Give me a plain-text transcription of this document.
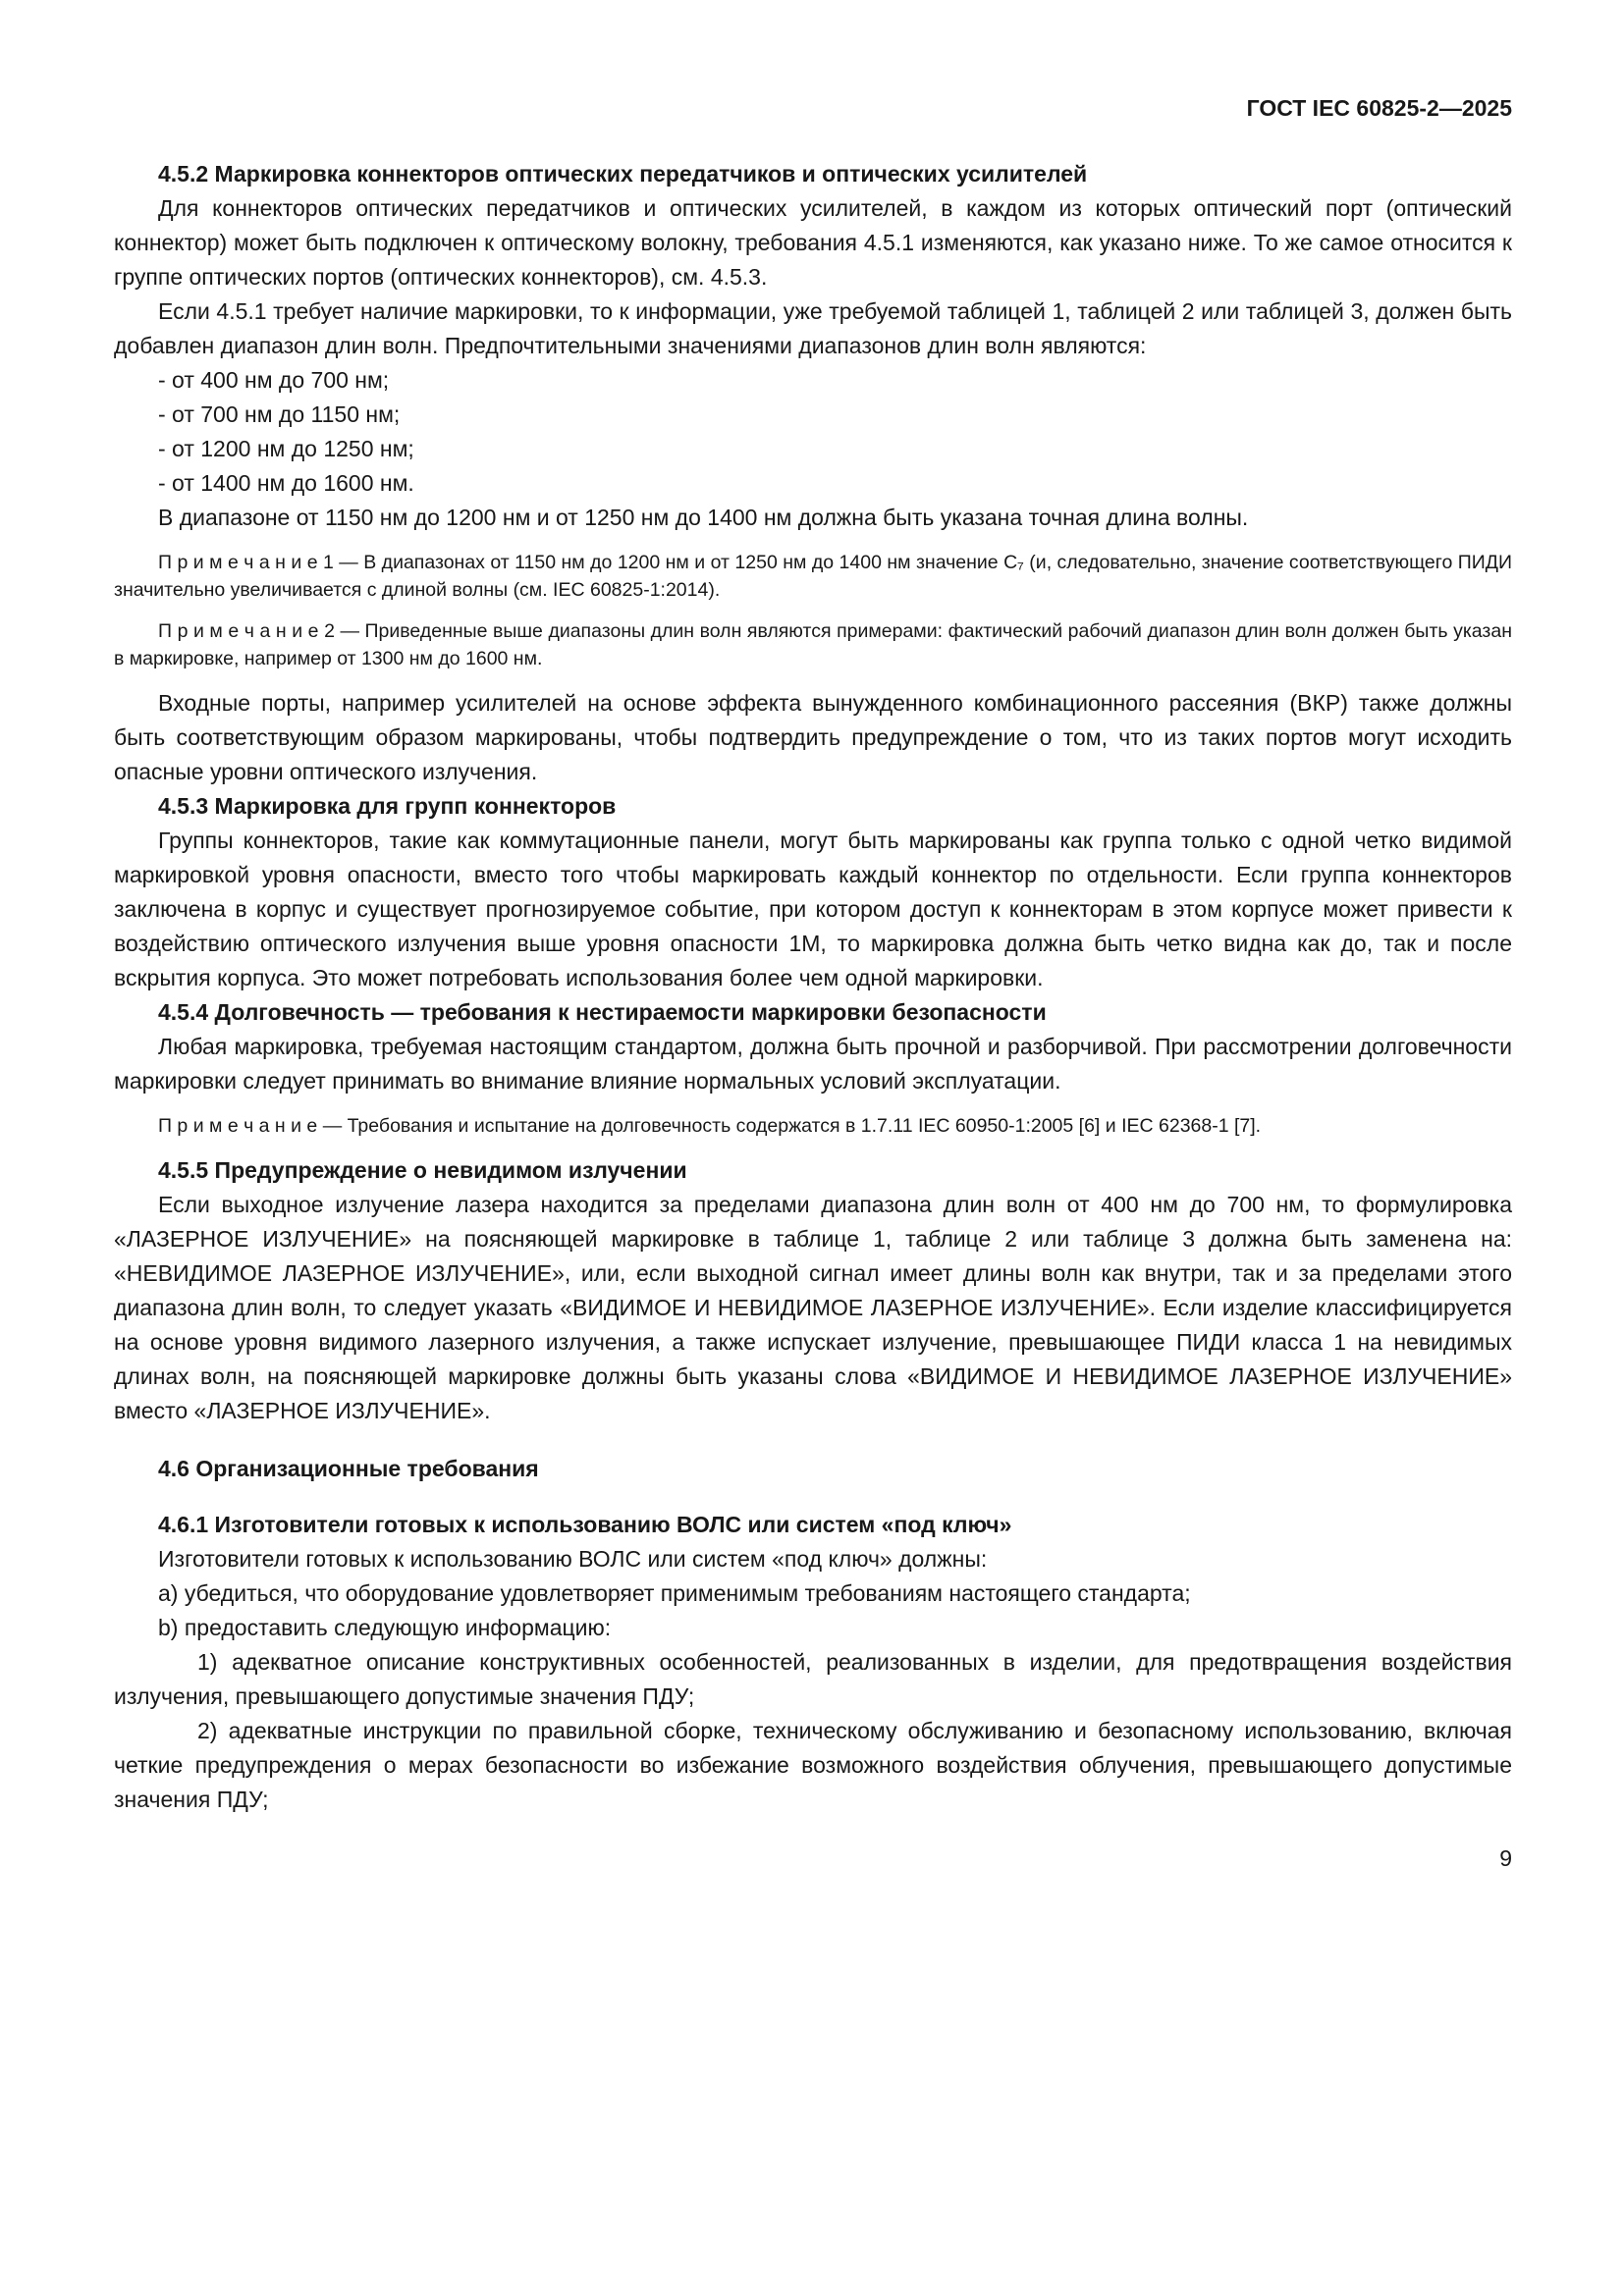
ГОСТ IEC 60825-2—2025

4.5.2 Маркировка коннекторов оптических передатчиков и оптических усилителей

Для коннекторов оптических передатчиков и оптических усилителей, в каждом из которых оптический порт (оптический коннектор) может быть подключен к оптическому волокну, требования 4.5.1 изменяются, как указано ниже. То же самое относится к группе оптических портов (оптических коннекторов), см. 4.5.3.

Если 4.5.1 требует наличие маркировки, то к информации, уже требуемой таблицей 1, таблицей 2 или таблицей 3, должен быть добавлен диапазон длин волн. Предпочтительными значениями диапазонов длин волн являются:

- от 400 нм до 700 нм;

- от 700 нм до 1150 нм;

- от 1200 нм до 1250 нм;

- от 1400 нм до 1600 нм.

В диапазоне от 1150 нм до 1200 нм и от 1250 нм до 1400 нм должна быть указана точная длина волны.

П р и м е ч а н и е 1 — В диапазонах от 1150 нм до 1200 нм и от 1250 нм до 1400 нм значение С₇ (и, следовательно, значение соответствующего ПИДИ значительно увеличивается с длиной волны (см. IEC 60825-1:2014).

П р и м е ч а н и е 2 — Приведенные выше диапазоны длин волн являются примерами: фактический рабочий диапазон длин волн должен быть указан в маркировке, например от 1300 нм до 1600 нм.

Входные порты, например усилителей на основе эффекта вынужденного комбинационного рассеяния (ВКР) также должны быть соответствующим образом маркированы, чтобы подтвердить предупреждение о том, что из таких портов могут исходить опасные уровни оптического излучения.

4.5.3 Маркировка для групп коннекторов

Группы коннекторов, такие как коммутационные панели, могут быть маркированы как группа только с одной четко видимой маркировкой уровня опасности, вместо того чтобы маркировать каждый коннектор по отдельности. Если группа коннекторов заключена в корпус и существует прогнозируемое событие, при котором доступ к коннекторам в этом корпусе может привести к воздействию оптического излучения выше уровня опасности 1М, то маркировка должна быть четко видна как до, так и после вскрытия корпуса. Это может потребовать использования более чем одной маркировки.

4.5.4 Долговечность — требования к нестираемости маркировки безопасности

Любая маркировка, требуемая настоящим стандартом, должна быть прочной и разборчивой. При рассмотрении долговечности маркировки следует принимать во внимание влияние нормальных условий эксплуатации.

П р и м е ч а н и е — Требования и испытание на долговечность содержатся в 1.7.11 IEC 60950-1:2005 [6] и IEC 62368-1 [7].

4.5.5 Предупреждение о невидимом излучении

Если выходное излучение лазера находится за пределами диапазона длин волн от 400 нм до 700 нм, то формулировка «ЛАЗЕРНОЕ ИЗЛУЧЕНИЕ» на поясняющей маркировке в таблице 1, таблице 2 или таблице 3 должна быть заменена на: «НЕВИДИМОЕ ЛАЗЕРНОЕ ИЗЛУЧЕНИЕ», или, если выходной сигнал имеет длины волн как внутри, так и за пределами этого диапазона длин волн, то следует указать «ВИДИМОЕ И НЕВИДИМОЕ ЛАЗЕРНОЕ ИЗЛУЧЕНИЕ». Если изделие классифицируется на основе уровня видимого лазерного излучения, а также испускает излучение, превышающее ПИДИ класса 1 на невидимых длинах волн, на поясняющей маркировке должны быть указаны слова «ВИДИМОЕ И НЕВИДИМОЕ ЛАЗЕРНОЕ ИЗЛУЧЕНИЕ» вместо «ЛАЗЕРНОЕ ИЗЛУЧЕНИЕ».

4.6 Организационные требования

4.6.1 Изготовители готовых к использованию ВОЛС или систем «под ключ»

Изготовители готовых к использованию ВОЛС или систем «под ключ» должны:

a) убедиться, что оборудование удовлетворяет применимым требованиям настоящего стандарта;

b) предоставить следующую информацию:

1) адекватное описание конструктивных особенностей, реализованных в изделии, для предотвращения воздействия излучения, превышающего допустимые значения ПДУ;

2) адекватные инструкции по правильной сборке, техническому обслуживанию и безопасному использованию, включая четкие предупреждения о мерах безопасности во избежание возможного воздействия облучения, превышающего допустимые значения ПДУ;

9
